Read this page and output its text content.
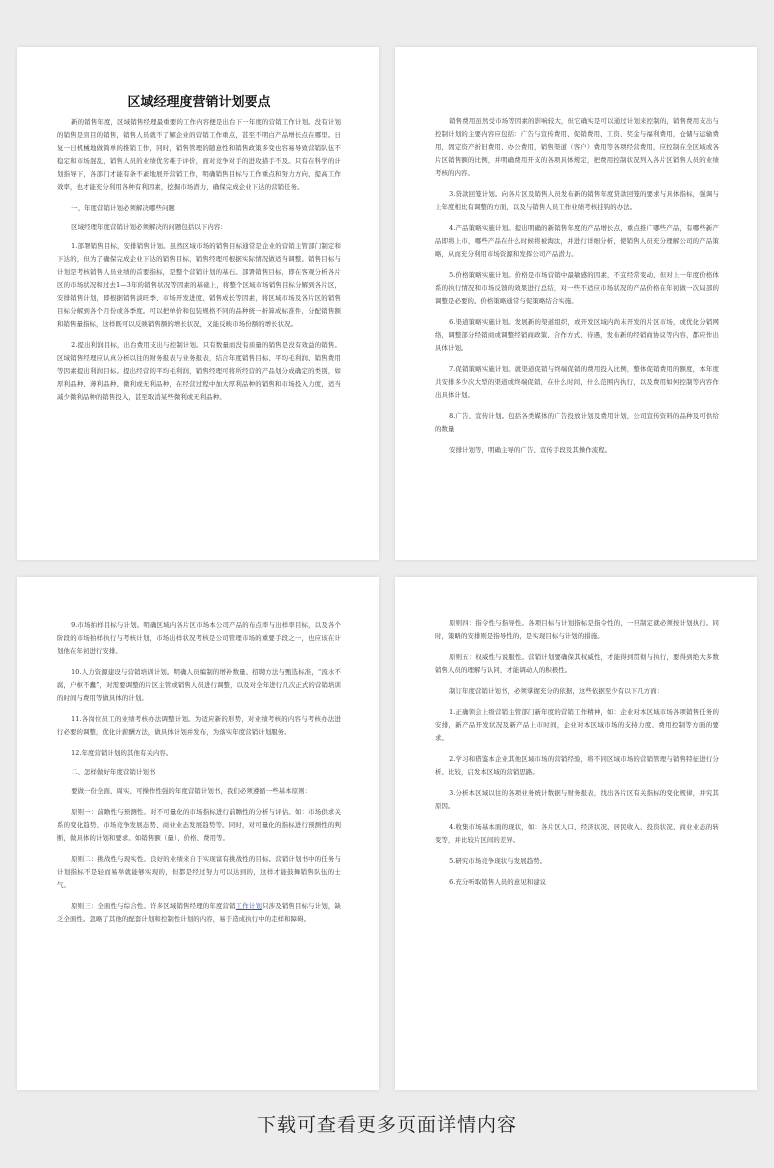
区域经理度营销计划要点

新的销售年度，区域销售经理最重要的工作内容便是出台下一年度的营销工作计划。没有计划的销售是盲目的销售，销售人员就不了解企业的营销工作重点，甚至不明白产品增长点在哪里。日复一日机械地做简单的推销工作，同时，销售管理的随意性和销售政策多变也容易导致营销队伍不稳定和市场混乱，销售人员的业绩优劣难于评价，面对竞争对手的进攻措手不及。只有在科学的计划指导下，各部门才能有条不紊地展开营销工作，明确销售目标与工作重点和努力方向，提高工作效率，也才能充分利用各种有利因素，挖掘市场潜力，确保完成企业下达的营销任务。

一、年度营销计划必须解决哪些问题

区域经理年度营销计划必须解决的问题包括以下内容：

1.部署销售目标，安排销售计划。虽然区域市场的销售目标通常是企业的营销主管部门制定和下达的，但为了确保完成企业下达的销售目标，销售经理可根据实际情况做适当调整。销售目标与计划是考核销售人员业绩的首要指标，是整个营销计划的基石。部署销售目标，即在客观分析各片区的市场状况和过去1—3年的销售状况等因素的基础上，将整个区域市场销售目标分解到各片区，安排销售计划，即根据销售淡旺季、市场开发进度、销售成长等因素，将区域市场及各片区的销售目标分解到各个月份或各季度。可以把单价和包装规格不同的品种统一折算成标准件，分配销售额和销售量指标，这样既可以反映销售额的增长状况，又能反映市场份额的增长状况。

2.提出利润目标，出台费用支出与控制计划。只有数量而没有质量的销售是没有效益的销售。区域销售经理应认真分析以往的财务报表与业务报表，结合年度销售目标、平均毛利润、销售费用等因素提出利润目标。提出经营的平均毛利润，销售经理可将所经营的产品划分成确定的类别，如厚利品种、薄利品种、微利或无利品种，在经营过程中加大厚利品种的销售和市场投入力度，适当减少微利品种的销售投入，甚至取消某些微利或无利品种。

销售费用虽然受市场等因素的影响较大，但它确实是可以通过计划来控制的，销售费用支出与控制计划的主要内容应包括：广告与宣传费用、促销费用、工资、奖金与福利费用，仓储与运输费用，固定资产折旧费用、办公费用，销售渠道（客户）费用等各项经营费用，应控制在全区域或各片区销售额的比例，并明确费用开支的各项具体规定，把费用控制状况列入各片区销售人员的业绩考核的内容。

3.贷款回笼计划。向各片区及销售人员发布新的销售年度贷款回笼的要求与具体指标，强调与上年度相比有调整的方面，以及与销售人员工作业绩考核挂钩的办法。

4.产品策略实施计划。提出明确的新销售年度的产品增长点，重点推广哪些产品，有哪些新产品即将上市，哪些产品在什么时候将被淘汰，并进行详细分析，使销售人员充分理解公司的产品策略，从而充分利用市场资源和发挥公司产品潜力。

5.价格策略实施计划。价格是市场营销中最敏感的因素，不宜经常变动，但对上一年度价格体系的执行情况和市场反馈的效果进行总结，对一些不适应市场状况的产品价格在年初做一次局部的调整是必要的。价格策略通常与促策略结合实施。

6.渠道策略实施计划。发展新的渠道组织，或开发区域内尚未开发的片区市场，或优化分销网络，调整部分经销商或调整经销商政策、合作方式、待遇，发布新的经销商协议等内容，都应作出具体计划。

7.促销策略实施计划。就渠道促销与终端促销的费用投入比例，整体促销费用的额度，本年度共安排多少次大型的渠道或终端促销，在什么时间，什么范围内执行，以及费用如何控制等内容作出具体计划。

8.广告、宣传计划。包括各类媒体的广告投放计划及费用计划，公司宣传资料的品种及可供给的数量

安排计划等，明确主导的广告、宣传手段及其操作流程。

9.市场拍样目标与计划。明确区域内各片区市场本公司产品的布点率与出样率目标，以及各个阶段的市场拍样执行与考核计划，市场出样状况考核是公司管理市场的重要手段之一，也应该在计划他在年初进行安排。

10.人力资源建设与营销培训计划。明确人员编制的增补数量、招聘方法与甄选标准，“流水不腐，户枢不蠹”，对需要调整的片区主管或销售人员进行调整，以及对全年进行几次正式的营销培训的时间与费用等做具体的计划。

11.各岗位员工的业绩考核办法调整计划。为适应新的形势，对业绩考核的内容与考核办法进行必要的调整，优化计薪酬方法，做具体计划并发布，为落实年度营销计划服务。

12.年度营销计划的其他有关内容。

二、怎样做好年度营销计划书

要做一份全面、周实、可操作性强的年度营销计划书，我们必须遵循一些基本原则：

原则一：前瞻性与预测性。对不可量化的市场指标进行前瞻性的分析与评估。如：市场供求关系的变化趋势、市场竞争发展态势、商业业态发展趋势等。同时，对可量化的指标进行预测性的判断，做具体的计划和要求。如销售额（量）、价格、费用等。

原则二：挑战性与现实性。良好的业绩来自于实现富有挑战性的目标。营销计划书中的任务与计划指标不是轻而易举就能够实现的，但都是经过努力可以达到的，这样才能鼓舞销售队伍的士气。

原则三：全面性与综合性。许多区域销售经理的年度营销工作计划只涉及销售目标与计划，缺乏全面性。忽略了其他的配套计划和控制性计划的内容，易于造成执行中的走样和障碍。

原则四：指令性与指导性。各项目标与计划指标是指令性的，一旦制定就必须按计划执行。同时，策略的安排则是指导性的，是实现目标与计划的措施。

原则五：权威性与说服性。营销计划要确保其权威性，才能得到贯彻与执行，要得到绝大多数销售人员的理解与认同，才能调动人的积极性。

制订年度营销计划书，必须掌握充分的依据，这些依据至少有以下几方面：

1.正确领会上级营销主管部门新年度的营销工作精神，如：企业对本区域市场各项销售任务的安排，新产品开发状况及新产品上市时间，企业对本区域市场的支持力度、费用控制等方面的要求。

2.学习和借鉴本企业其他区域市场的营销经验，将不同区域市场的营销管理与销售特征进行分析、比较，启发本区域的营销思路。

3.分析本区域以往的各项业务统计数据与财务报表，找出各片区有关指标的变化规律，并究其原因。

4.收集市场基本面的现状，如：各片区人口、经济状况、居民收入、投资状况、商业业态的转变等，并比较片区间的差异。

5.研究市场竞争现状与发展趋势。

6.充分听取销售人员的意见和建议

下载可查看更多页面详情内容
